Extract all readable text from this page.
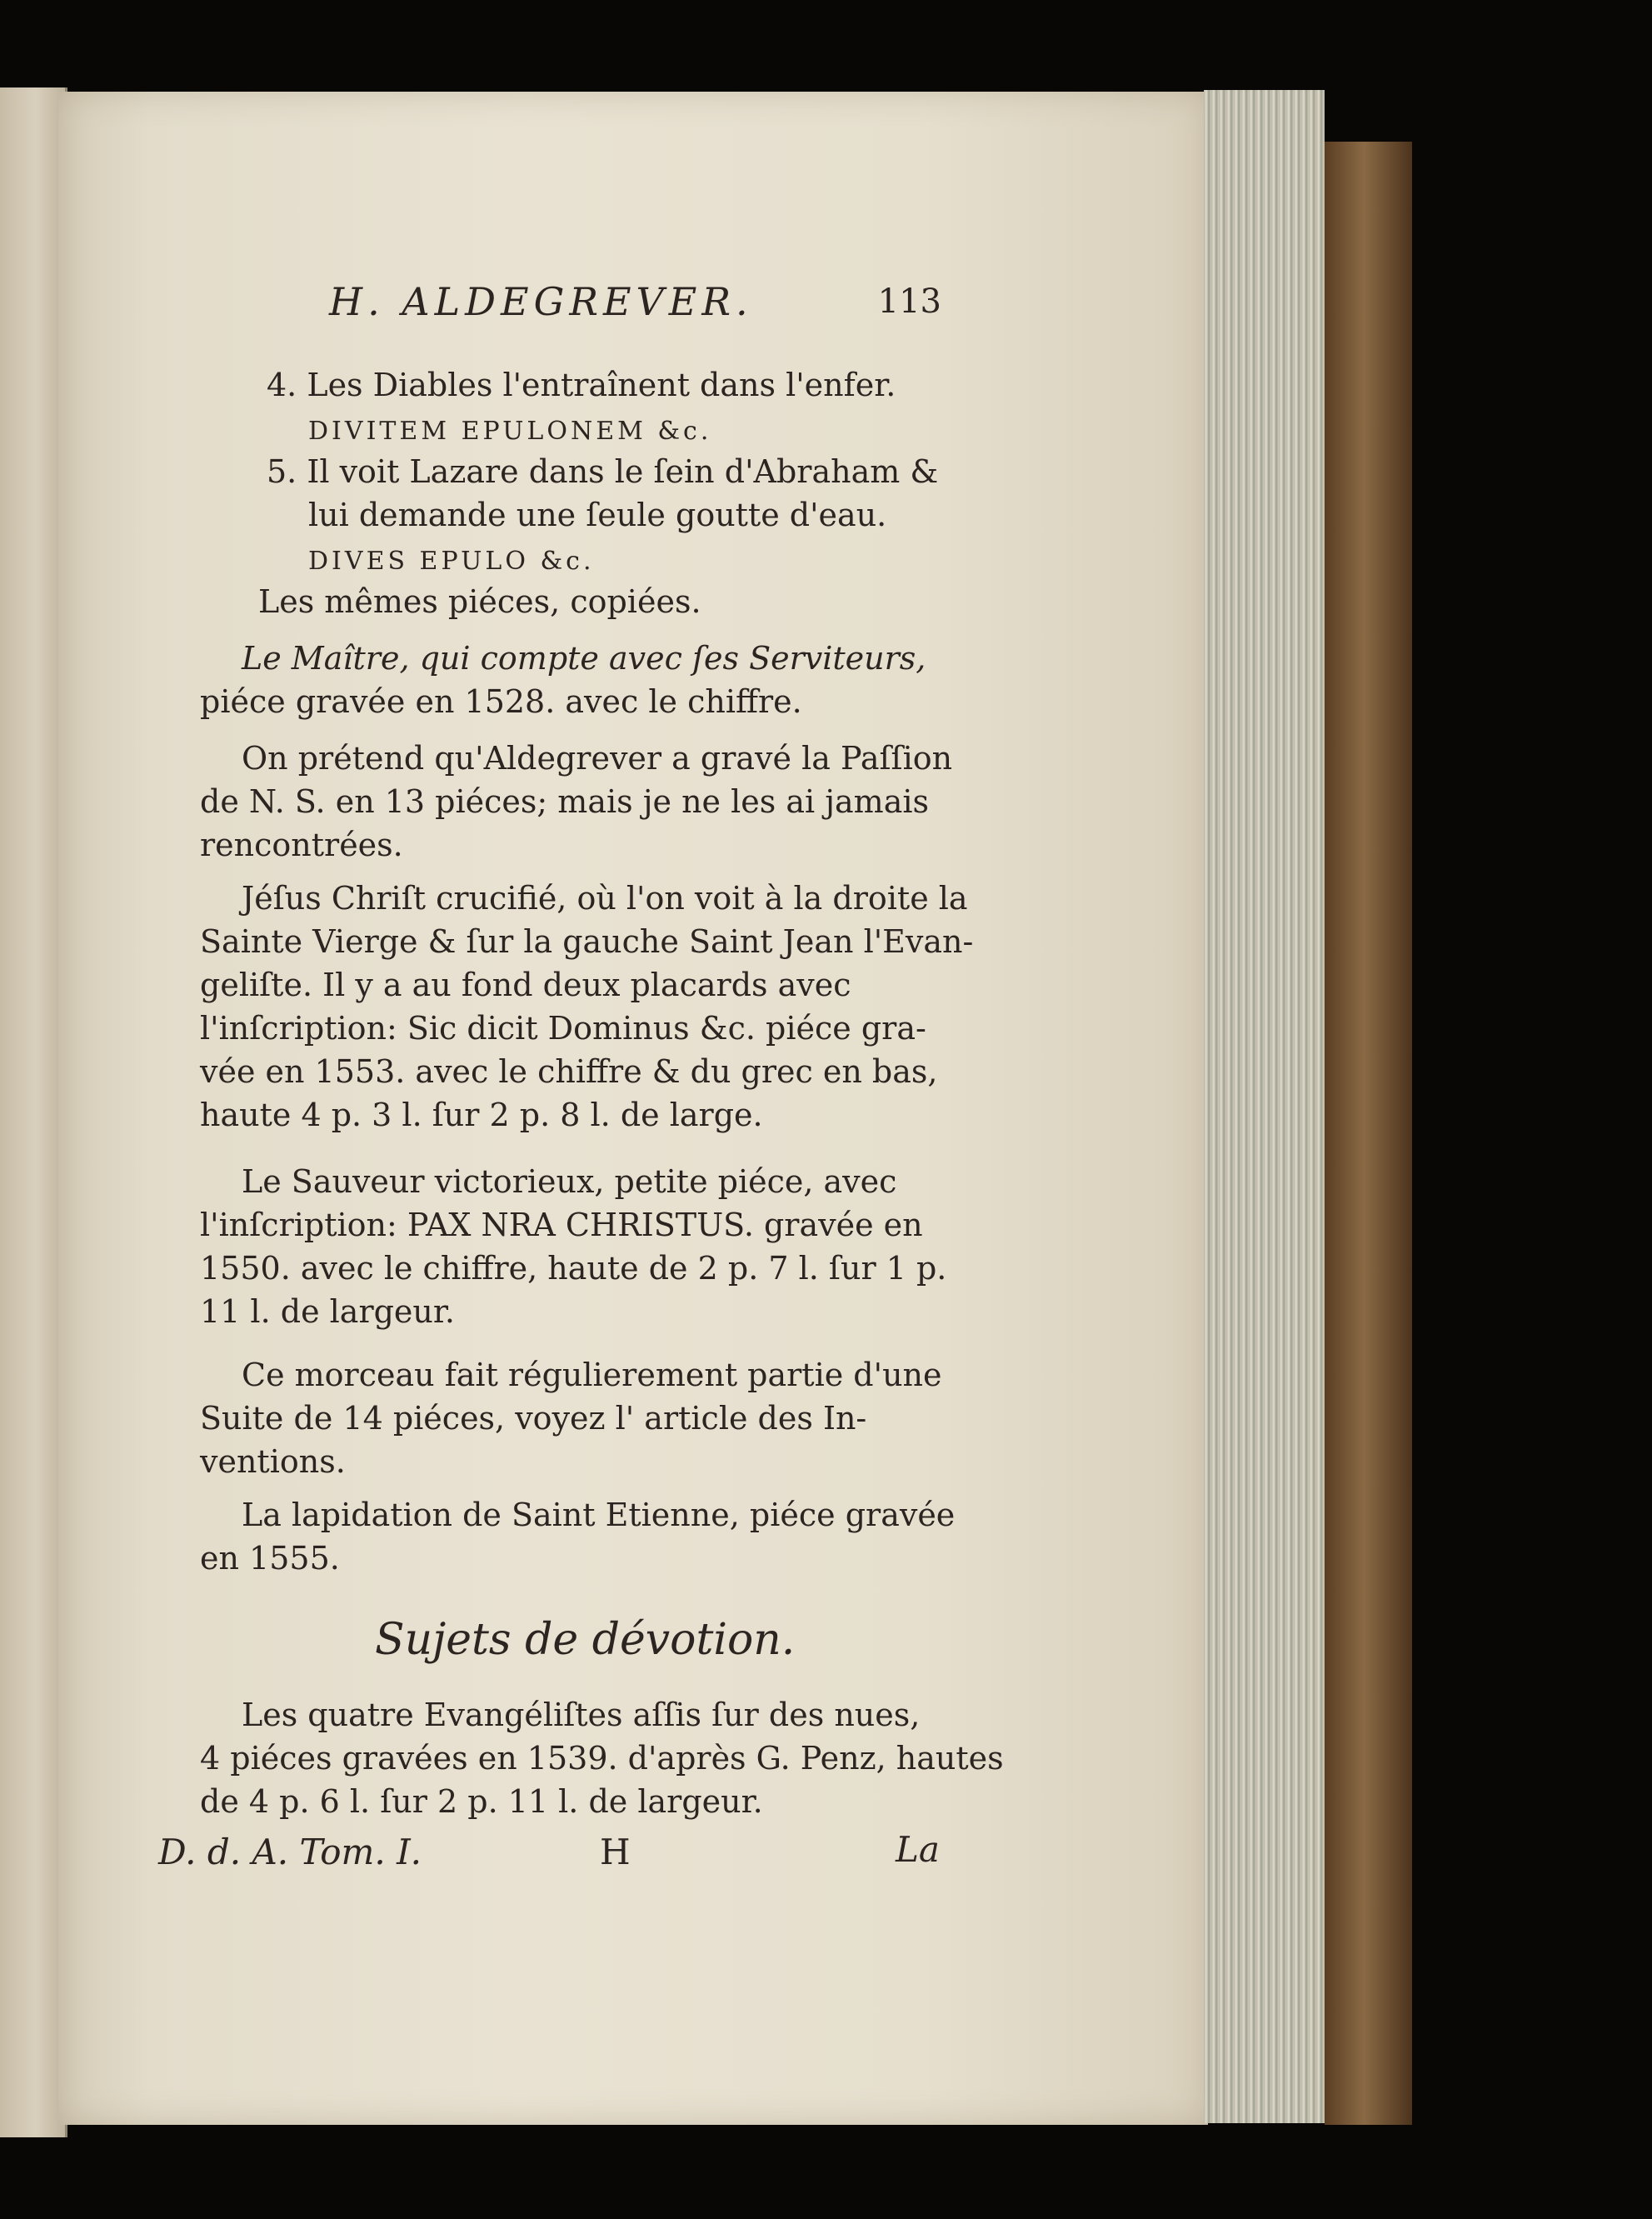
H. ALDEGREVER.	113
4. Les Diables l'entraînent dans l'enfer.
DIVITEM EPULONEM &c.
5. Il voit Lazare dans le ſein d'Abraham &
lui demande une ſeule goutte d'eau.
DIVES EPULO &c.
Les mêmes piéces, copiées.
Le Maître, qui compte avec ſes Serviteurs,
piéce gravée en 1528. avec le chiffre.
On prétend qu'Aldegrever a gravé la Paſſion
de N. S. en 13 piéces; mais je ne les ai jamais
rencontrées.
Jéſus Chriſt crucifié, où l'on voit à la droite la
Sainte Vierge & ſur la gauche Saint Jean l'Evan-
geliſte. Il y a au fond deux placards avec
l'inſcription: Sic dicit Dominus &c. piéce gra-
vée en 1553. avec le chiffre & du grec en bas,
haute 4 p. 3 l. ſur 2 p. 8 l. de large.
Le Sauveur victorieux, petite piéce, avec
l'inſcription: PAX NRA CHRISTUS. gravée en
1550. avec le chiffre, haute de 2 p. 7 l. ſur 1 p.
11 l. de largeur.
Ce morceau fait régulierement partie d'une
Suite de 14 piéces, voyez l' article des In-
ventions.
La lapidation de Saint Etienne, piéce gravée
en 1555.
Sujets de dévotion.
Les quatre Evangéliſtes aſſis ſur des nues,
4 piéces gravées en 1539. d'après G. Penz, hautes
de 4 p. 6 l. ſur 2 p. 11 l. de largeur.
D. d. A. Tom. I.	H	La
